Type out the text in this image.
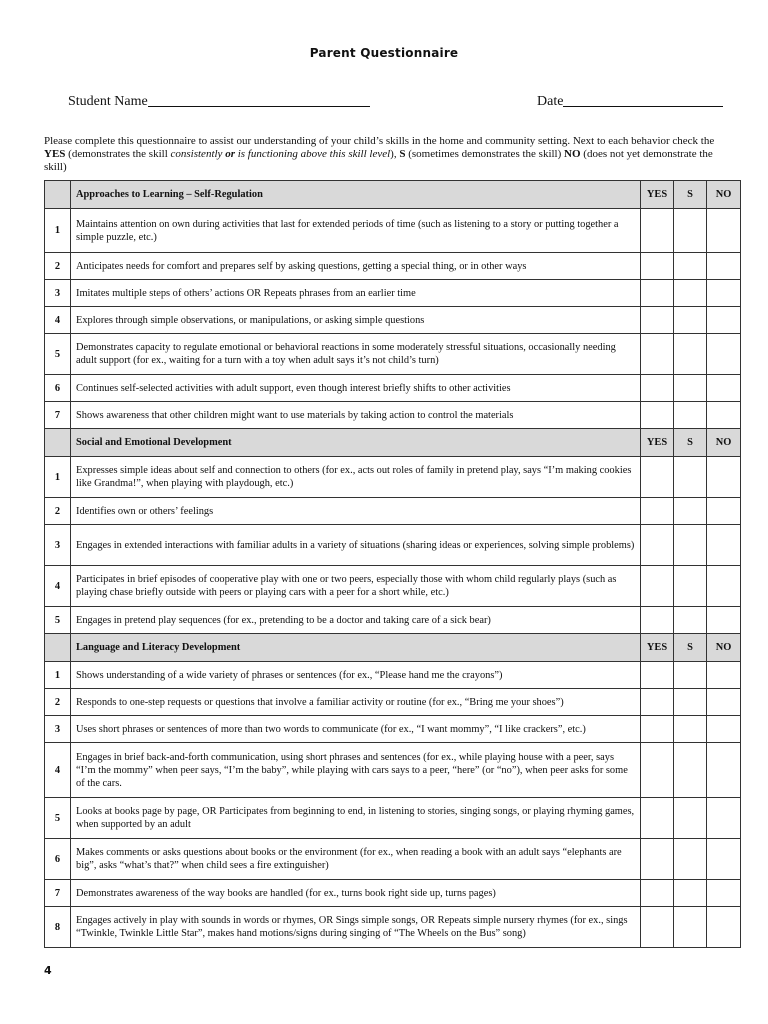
Parent Questionnaire
Student Name	Date
Please complete this questionnaire to assist our understanding of your child’s skills in the home and community setting. Next to each behavior check the YES (demonstrates the skill consistently or is functioning above this skill level), S (sometimes demonstrates the skill) NO (does not yet demonstrate the skill)
	Approaches to Learning – Self-Regulation	YES	S	NO
1	Maintains attention on own during activities that last for extended periods of time (such as listening to a story or putting together a simple puzzle, etc.)			
2	Anticipates needs for comfort and prepares self by asking questions, getting a special thing, or in other ways			
3	Imitates multiple steps of others’ actions OR Repeats phrases from an earlier time			
4	Explores through simple observations, or manipulations, or asking simple questions			
5	Demonstrates capacity to regulate emotional or behavioral reactions in some moderately stressful situations, occasionally needing adult support (for ex., waiting for a turn with a toy when adult says it’s not child’s turn)			
6	Continues self-selected activities with adult support, even though interest briefly shifts to other activities			
7	Shows awareness that other children might want to use materials by taking action to control the materials			
	Social and Emotional Development	YES	S	NO
1	Expresses simple ideas about self and connection to others (for ex., acts out roles of family in pretend play, says “I’m making cookies like Grandma!”, when playing with playdough, etc.)			
2	Identifies own or others’ feelings			
3	Engages in extended interactions with familiar adults in a variety of situations (sharing ideas or experiences, solving simple problems)			
4	Participates in brief episodes of cooperative play with one or two peers, especially those with whom child regularly plays (such as playing chase briefly outside with peers or playing cars with a peer for a short while, etc.)			
5	Engages in pretend play sequences (for ex., pretending to be a doctor and taking care of a sick bear)			
	Language and Literacy Development	YES	S	NO
1	Shows understanding of a wide variety of phrases or sentences (for ex., “Please hand me the crayons”)			
2	Responds to one-step requests or questions that involve a familiar activity or routine (for ex., “Bring me your shoes”)			
3	Uses short phrases or sentences of more than two words to communicate (for ex., “I want mommy”, “I like crackers”, etc.)			
4	Engages in brief back-and-forth communication, using short phrases and sentences (for ex., while playing house with a peer, says “I’m the mommy” when peer says, “I’m the baby”, while playing with cars says to a peer, “here” (or “no”), when peer asks for some of the cars.			
5	Looks at books page by page, OR Participates from beginning to end, in listening to stories, singing songs, or playing rhyming games, when supported by an adult			
6	Makes comments or asks questions about books or the environment (for ex., when reading a book with an adult says “elephants are big”, asks “what’s that?” when child sees a fire extinguisher)			
7	Demonstrates awareness of the way books are handled (for ex., turns book right side up, turns pages)			
8	Engages actively in play with sounds in words or rhymes, OR Sings simple songs, OR Repeats simple nursery rhymes (for ex., sings “Twinkle, Twinkle Little Star”, makes hand motions/signs during singing of “The Wheels on the Bus” song)			
4
